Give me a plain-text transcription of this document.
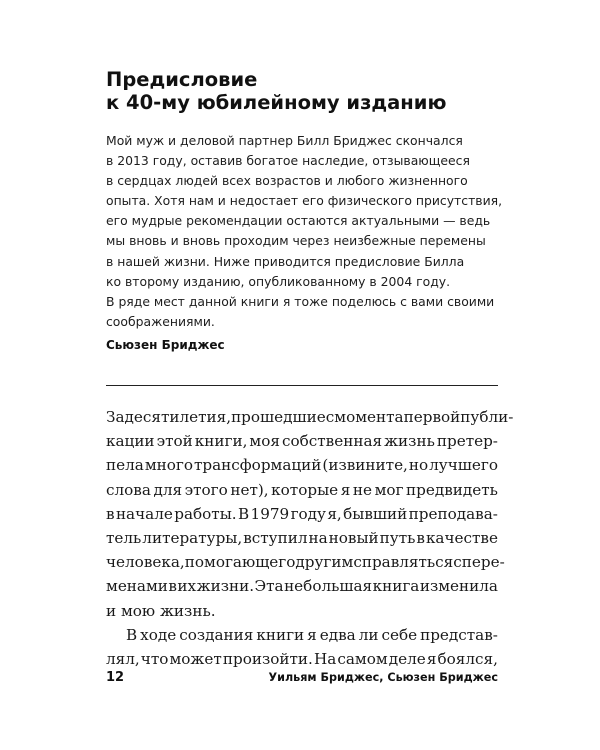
Предисловие
к 40-му юбилейному изданию
Мой муж и деловой партнер Билл Бриджес скончался
в 2013 году, оставив богатое наследие, отзывающееся
в сердцах людей всех возрастов и любого жизненного
опыта. Хотя нам и недостает его физического присутствия,
его мудрые рекомендации остаются актуальными — ведь
мы вновь и вновь проходим через неизбежные перемены
в нашей жизни. Ниже приводится предисловие Билла
ко второму изданию, опубликованному в 2004 году.
В ряде мест данной книги я тоже поделюсь с вами своими
соображениями.
Сьюзен Бриджес
За десятилетия, прошедшие с момента первой публи-
кации этой книги, моя собственная жизнь претер-
пела много трансформаций (извините, но лучшего
слова для этого нет), которые я не мог предвидеть
в начале работы. В 1979 году я, бывший преподава-
тель литературы, вступил на новый путь в качестве
человека, помогающего другим справляться с пере-
менами в их жизни. Эта небольшая книга изменила
и мою жизнь.
В ходе создания книги я едва ли себе представ-
лял, что может произойти. На самом деле я боялся,
12	Уильям Бриджес, Сьюзен Бриджес
